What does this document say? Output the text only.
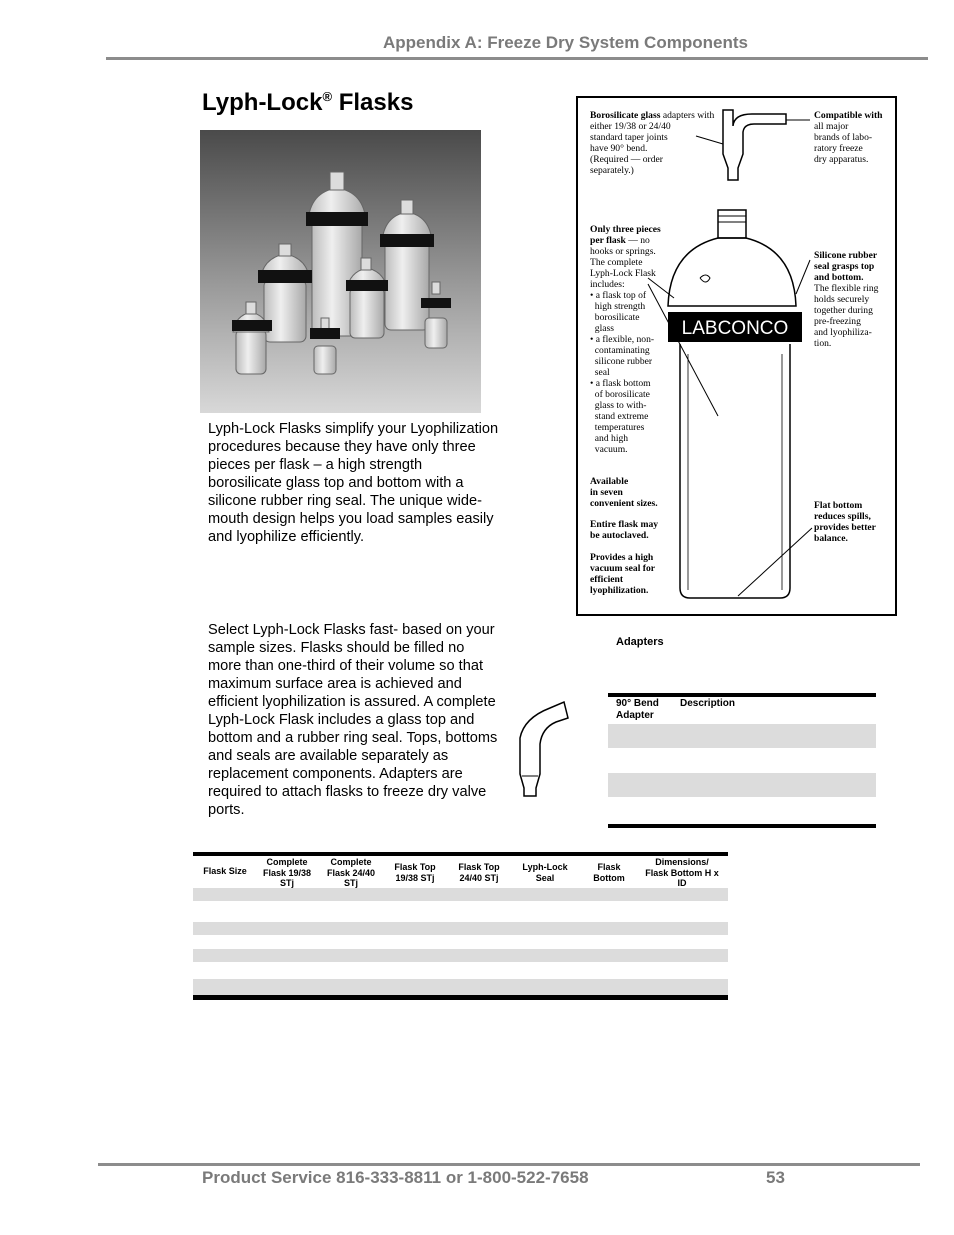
Appendix A: Freeze Dry System Components
Lyph-Lock® Flasks
Lyph-Lock Flasks simplify your Lyophilization procedures because they have only three pieces per flask – a high strength borosilicate glass top and bottom with a silicone rubber ring seal. The unique wide-mouth design helps you load samples easily and lyophilize efficiently.
Select Lyph-Lock Flasks fast- based on your sample sizes. Flasks should be filled no more than one-third of their volume so that maximum surface area is achieved and efficient lyophilization is assured. A complete Lyph-Lock Flask includes a glass top and bottom and a rubber ring seal. Tops, bottoms and seals are available separately as replacement components. Adapters are required to attach flasks to freeze dry valve ports.
LABCONCO
Borosilicate glass adapters with
either 19/38 or 24/40
standard taper joints
have 90° bend.
(Required — order
separately.)
Compatible with
all major
brands of labo-
ratory freeze
dry apparatus.
Only three pieces
per flask — no
hooks or springs.
The complete
Lyph-Lock Flask
includes:
• a flask top of
high strength
borosilicate
glass
• a flexible, non-
contaminating
silicone rubber
seal
• a flask bottom
of borosilicate
glass to with-
stand extreme
temperatures
and high
vacuum.
Available
in seven
convenient sizes.
Entire flask may
be autoclaved.
Provides a high
vacuum seal for
efficient
lyophilization.
Silicone rubber
seal grasps top
and bottom.
The flexible ring
holds securely
together during
pre-freezing
and lyophiliza-
tion.
Flat bottom
reduces spills,
provides better
balance.
Adapters
90° Bend Adapter
Description
Flask Size
Complete Flask 19/38 STj
Complete Flask 24/40 STj
Flask Top 19/38 STj
Flask Top 24/40 STj
Lyph-Lock Seal
Flask Bottom
Dimensions/ Flask Bottom H x ID
Product Service 816-333-8811 or 1-800-522-7658	53
